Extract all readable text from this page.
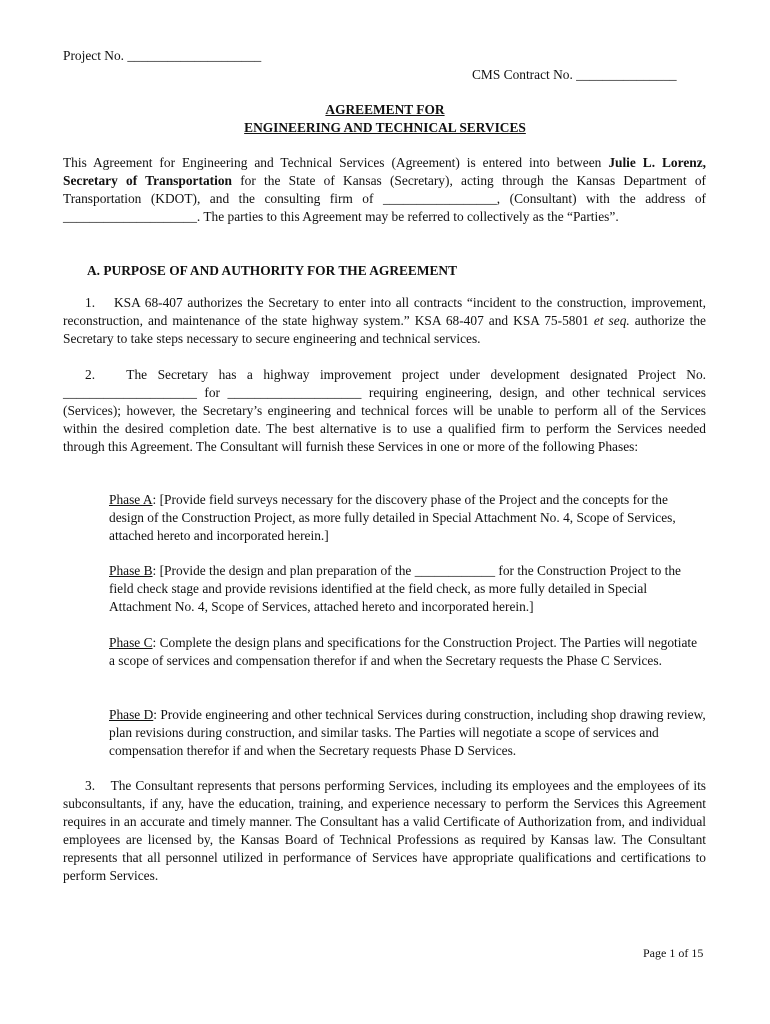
Project No. ____________________
CMS Contract No. _______________
AGREEMENT FOR
ENGINEERING AND TECHNICAL SERVICES
This Agreement for Engineering and Technical Services (Agreement) is entered into between Julie L. Lorenz, Secretary of Transportation for the State of Kansas (Secretary), acting through the Kansas Department of Transportation (KDOT), and the consulting firm of _________________, (Consultant) with the address of ____________________. The parties to this Agreement may be referred to collectively as the “Parties”.
A. PURPOSE OF AND AUTHORITY FOR THE AGREEMENT
1. KSA 68-407 authorizes the Secretary to enter into all contracts “incident to the construction, improvement, reconstruction, and maintenance of the state highway system.” KSA 68-407 and KSA 75-5801 et seq. authorize the Secretary to take steps necessary to secure engineering and technical services.
2. The Secretary has a highway improvement project under development designated Project No. ____________________ for ____________________ requiring engineering, design, and other technical services (Services); however, the Secretary’s engineering and technical forces will be unable to perform all of the Services within the desired completion date. The best alternative is to use a qualified firm to perform the Services needed through this Agreement. The Consultant will furnish these Services in one or more of the following Phases:
Phase A: [Provide field surveys necessary for the discovery phase of the Project and the concepts for the design of the Construction Project, as more fully detailed in Special Attachment No. 4, Scope of Services, attached hereto and incorporated herein.]
Phase B: [Provide the design and plan preparation of the ____________ for the Construction Project to the field check stage and provide revisions identified at the field check, as more fully detailed in Special Attachment No. 4, Scope of Services, attached hereto and incorporated herein.]
Phase C: Complete the design plans and specifications for the Construction Project. The Parties will negotiate a scope of services and compensation therefor if and when the Secretary requests the Phase C Services.
Phase D: Provide engineering and other technical Services during construction, including shop drawing review, plan revisions during construction, and similar tasks. The Parties will negotiate a scope of services and compensation therefor if and when the Secretary requests Phase D Services.
3. The Consultant represents that persons performing Services, including its employees and the employees of its subconsultants, if any, have the education, training, and experience necessary to perform the Services this Agreement requires in an accurate and timely manner. The Consultant has a valid Certificate of Authorization from, and individual employees are licensed by, the Kansas Board of Technical Professions as required by Kansas law. The Consultant represents that all personnel utilized in performance of Services have appropriate qualifications and certifications to perform Services.
Page 1 of 15
